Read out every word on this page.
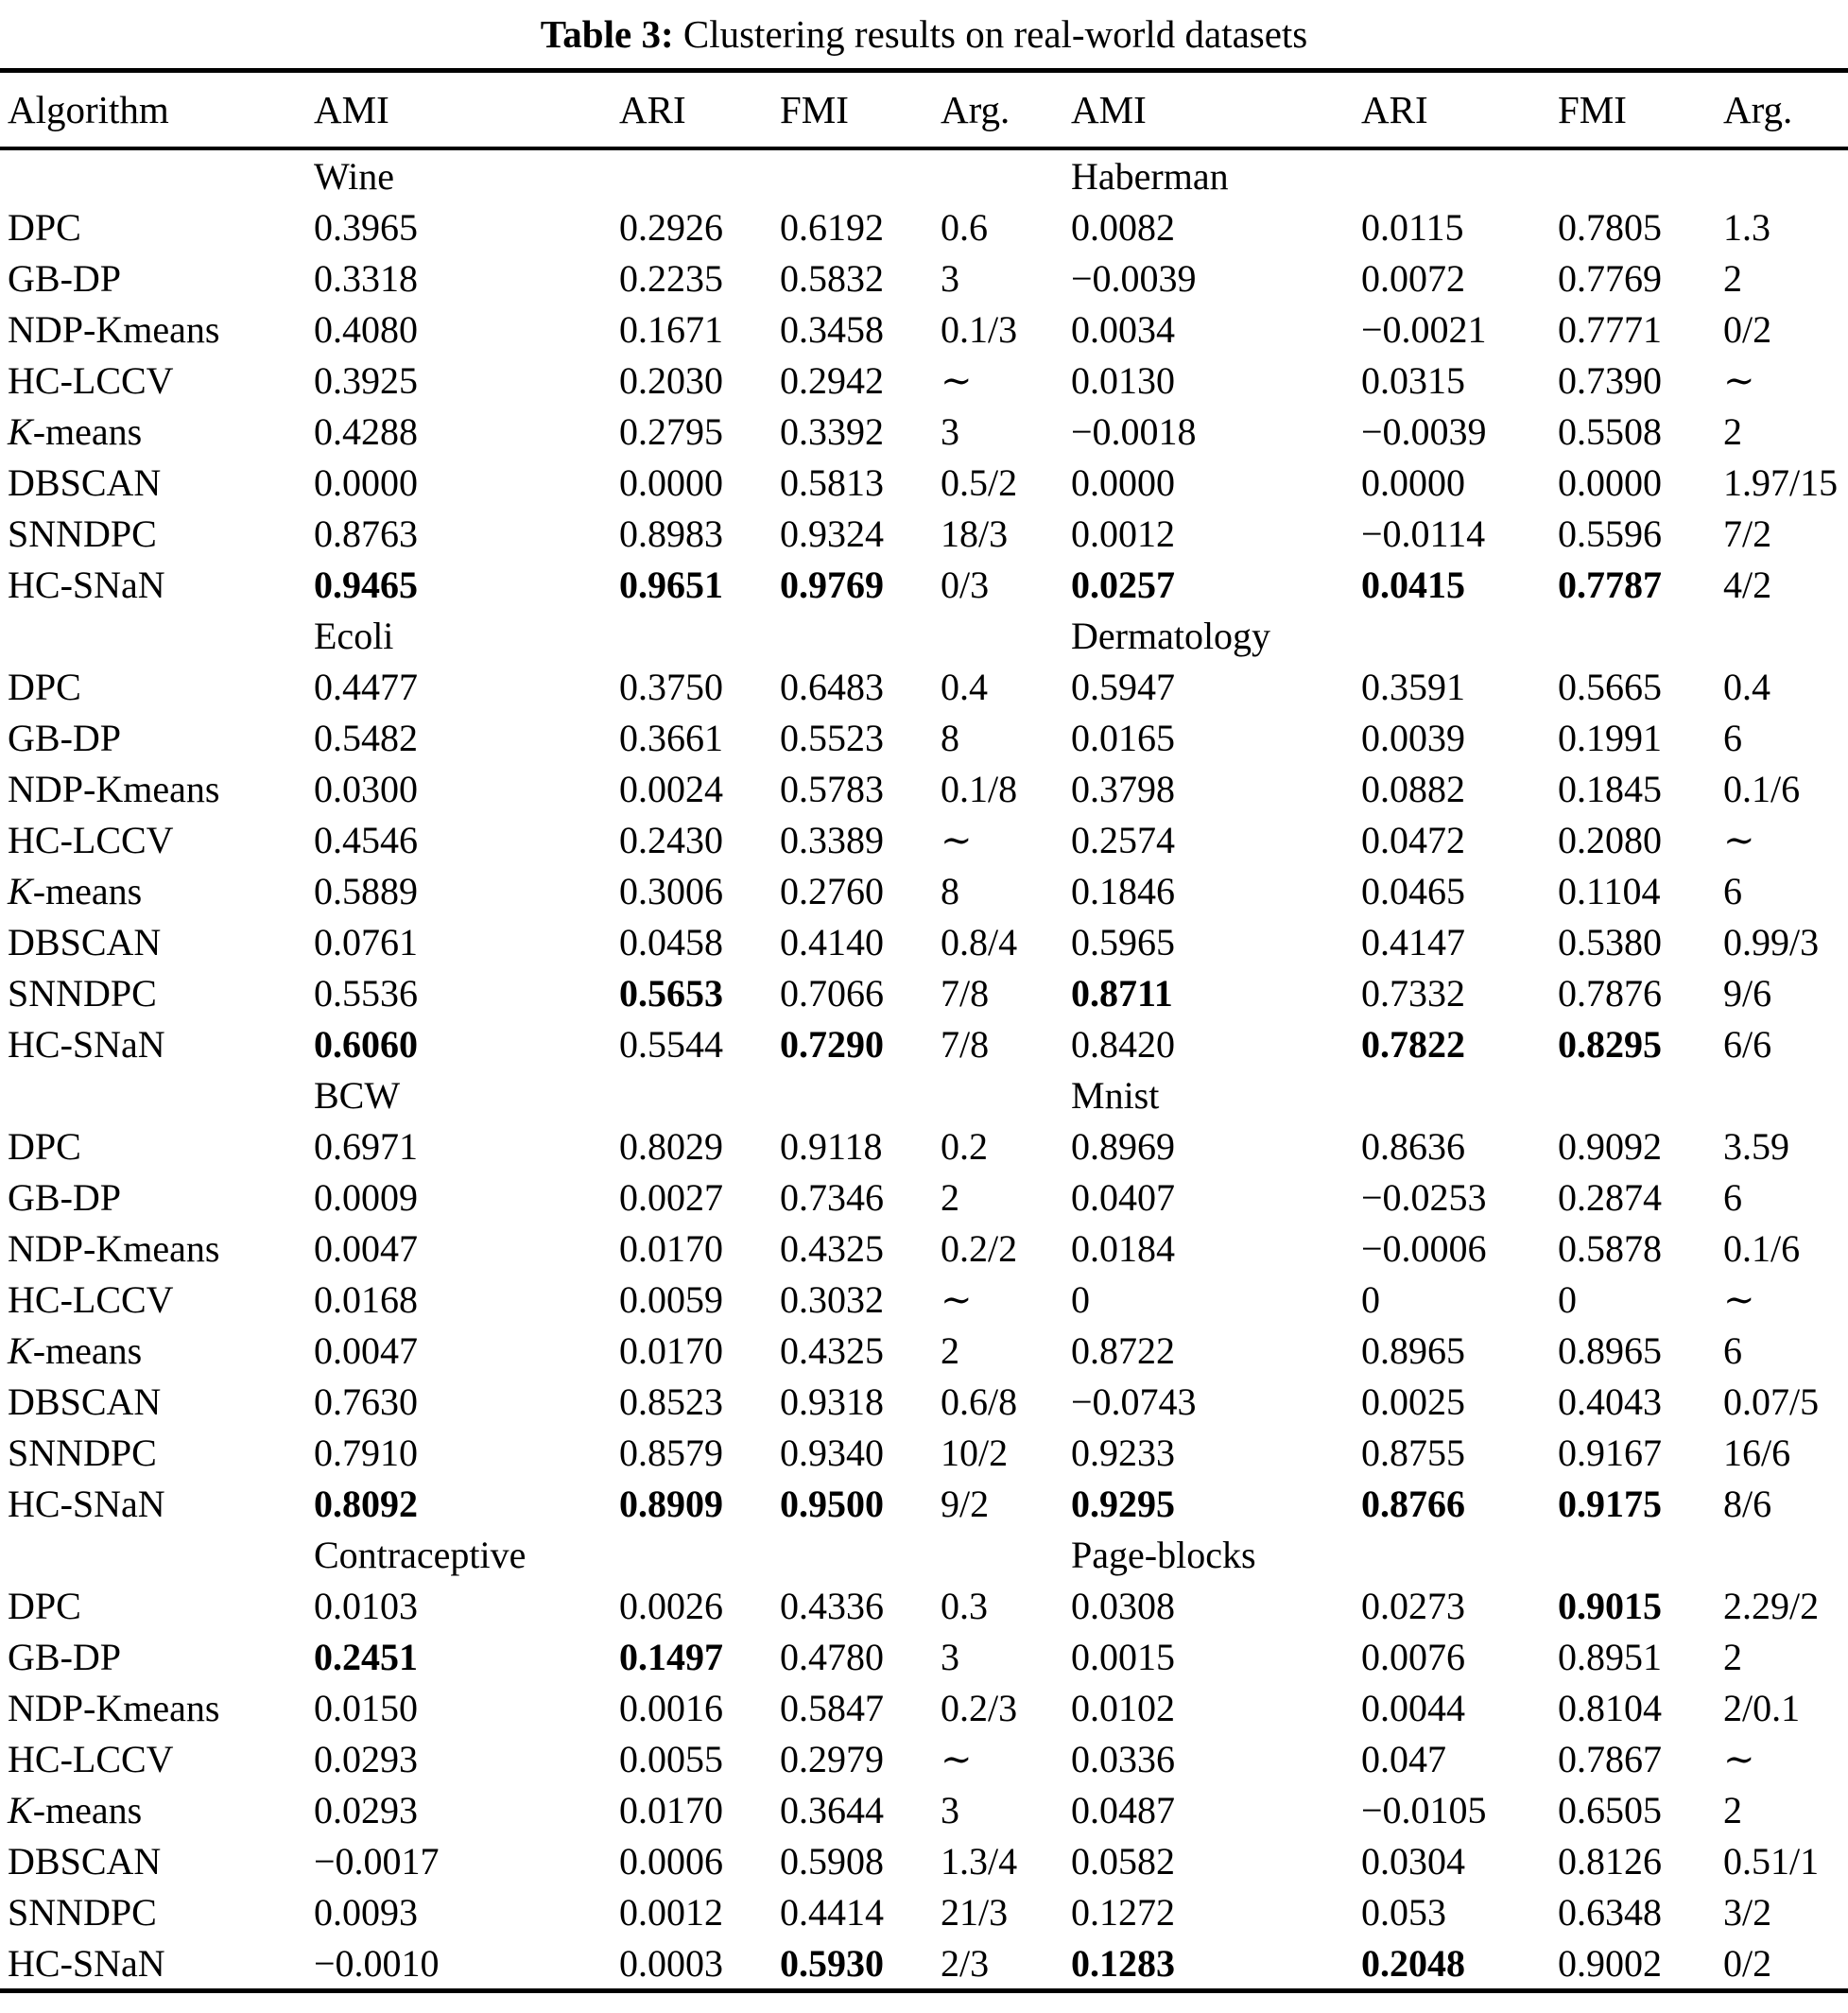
Table 3: Clustering results on real-world datasets
Algorithm	AMI	ARI	FMI	Arg.	AMI	ARI	FMI	Arg.
	Wine				Haberman			
DPC	0.3965	0.2926	0.6192	0.6	0.0082	0.0115	0.7805	1.3
GB-DP	0.3318	0.2235	0.5832	3	−0.0039	0.0072	0.7769	2
NDP-Kmeans	0.4080	0.1671	0.3458	0.1/3	0.0034	−0.0021	0.7771	0/2
HC-LCCV	0.3925	0.2030	0.2942	∼	0.0130	0.0315	0.7390	∼
K-means	0.4288	0.2795	0.3392	3	−0.0018	−0.0039	0.5508	2
DBSCAN	0.0000	0.0000	0.5813	0.5/2	0.0000	0.0000	0.0000	1.97/15
SNNDPC	0.8763	0.8983	0.9324	18/3	0.0012	−0.0114	0.5596	7/2
HC-SNaN	0.9465	0.9651	0.9769	0/3	0.0257	0.0415	0.7787	4/2
	Ecoli				Dermatology			
DPC	0.4477	0.3750	0.6483	0.4	0.5947	0.3591	0.5665	0.4
GB-DP	0.5482	0.3661	0.5523	8	0.0165	0.0039	0.1991	6
NDP-Kmeans	0.0300	0.0024	0.5783	0.1/8	0.3798	0.0882	0.1845	0.1/6
HC-LCCV	0.4546	0.2430	0.3389	∼	0.2574	0.0472	0.2080	∼
K-means	0.5889	0.3006	0.2760	8	0.1846	0.0465	0.1104	6
DBSCAN	0.0761	0.0458	0.4140	0.8/4	0.5965	0.4147	0.5380	0.99/3
SNNDPC	0.5536	0.5653	0.7066	7/8	0.8711	0.7332	0.7876	9/6
HC-SNaN	0.6060	0.5544	0.7290	7/8	0.8420	0.7822	0.8295	6/6
	BCW				Mnist			
DPC	0.6971	0.8029	0.9118	0.2	0.8969	0.8636	0.9092	3.59
GB-DP	0.0009	0.0027	0.7346	2	0.0407	−0.0253	0.2874	6
NDP-Kmeans	0.0047	0.0170	0.4325	0.2/2	0.0184	−0.0006	0.5878	0.1/6
HC-LCCV	0.0168	0.0059	0.3032	∼	0	0	0	∼
K-means	0.0047	0.0170	0.4325	2	0.8722	0.8965	0.8965	6
DBSCAN	0.7630	0.8523	0.9318	0.6/8	−0.0743	0.0025	0.4043	0.07/5
SNNDPC	0.7910	0.8579	0.9340	10/2	0.9233	0.8755	0.9167	16/6
HC-SNaN	0.8092	0.8909	0.9500	9/2	0.9295	0.8766	0.9175	8/6
	Contraceptive				Page-blocks			
DPC	0.0103	0.0026	0.4336	0.3	0.0308	0.0273	0.9015	2.29/2
GB-DP	0.2451	0.1497	0.4780	3	0.0015	0.0076	0.8951	2
NDP-Kmeans	0.0150	0.0016	0.5847	0.2/3	0.0102	0.0044	0.8104	2/0.1
HC-LCCV	0.0293	0.0055	0.2979	∼	0.0336	0.047	0.7867	∼
K-means	0.0293	0.0170	0.3644	3	0.0487	−0.0105	0.6505	2
DBSCAN	−0.0017	0.0006	0.5908	1.3/4	0.0582	0.0304	0.8126	0.51/1
SNNDPC	0.0093	0.0012	0.4414	21/3	0.1272	0.053	0.6348	3/2
HC-SNaN	−0.0010	0.0003	0.5930	2/3	0.1283	0.2048	0.9002	0/2
